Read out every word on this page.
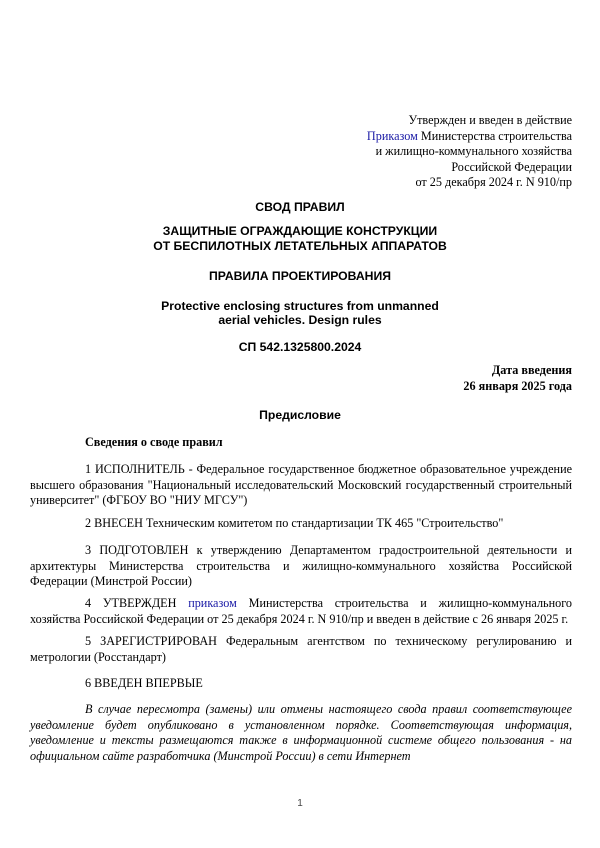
Утвержден и введен в действие
Приказом Министерства строительства
и жилищно-коммунального хозяйства
Российской Федерации
от 25 декабря 2024 г. N 910/пр
СВОД ПРАВИЛ
ЗАЩИТНЫЕ ОГРАЖДАЮЩИЕ КОНСТРУКЦИИ
ОТ БЕСПИЛОТНЫХ ЛЕТАТЕЛЬНЫХ АППАРАТОВ
ПРАВИЛА ПРОЕКТИРОВАНИЯ
Protective enclosing structures from unmanned
aerial vehicles. Design rules
СП 542.1325800.2024
Дата введения
26 января 2025 года
Предисловие
Сведения о своде правил
1 ИСПОЛНИТЕЛЬ - Федеральное государственное бюджетное образовательное учреждение высшего образования "Национальный исследовательский Московский государственный строительный университет" (ФГБОУ ВО "НИУ МГСУ")
2 ВНЕСЕН Техническим комитетом по стандартизации ТК 465 "Строительство"
3 ПОДГОТОВЛЕН к утверждению Департаментом градостроительной деятельности и архитектуры Министерства строительства и жилищно-коммунального хозяйства Российской Федерации (Минстрой России)
4 УТВЕРЖДЕН приказом Министерства строительства и жилищно-коммунального хозяйства Российской Федерации от 25 декабря 2024 г. N 910/пр и введен в действие с 26 января 2025 г.
5 ЗАРЕГИСТРИРОВАН Федеральным агентством по техническому регулированию и метрологии (Росстандарт)
6 ВВЕДЕН ВПЕРВЫЕ
В случае пересмотра (замены) или отмены настоящего свода правил соответствующее уведомление будет опубликовано в установленном порядке. Соответствующая информация, уведомление и тексты размещаются также в информационной системе общего пользования - на официальном сайте разработчика (Минстрой России) в сети Интернет
1
